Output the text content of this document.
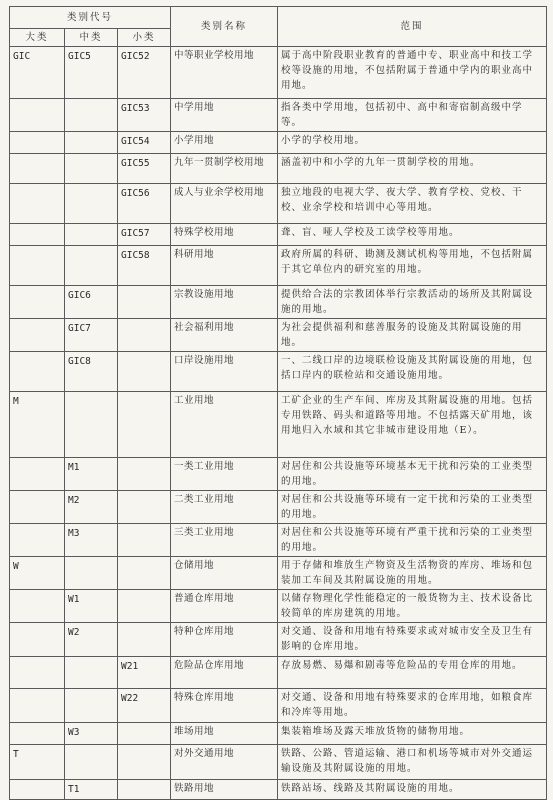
类别代号			类别名称	范围
大类	中类	小类		
GIC	GIC5	GIC52	中等职业学校用地	属于高中阶段职业教育的普通中专、职业高中和技工学校等设施的用地，不包括附属于普通中学内的职业高中用地。
		GIC53	中学用地	指各类中学用地，包括初中、高中和寄宿制高级中学等。
		GIC54	小学用地	小学的学校用地。
		GIC55	九年一贯制学校用地	涵盖初中和小学的九年一贯制学校的用地。
		GIC56	成人与业余学校用地	独立地段的电视大学、夜大学、教育学校、党校、干校、业余学校和培训中心等用地。
		GIC57	特殊学校用地	聋、盲、哑人学校及工读学校等用地。
		GIC58	科研用地	政府所属的科研、勘测及测试机构等用地，不包括附属于其它单位内的研究室的用地。
	GIC6		宗教设施用地	提供给合法的宗教团体举行宗教活动的场所及其附属设施的用地。
	GIC7		社会福利用地	为社会提供福利和慈善服务的设施及其附属设施的用地。
	GIC8		口岸设施用地	一、二线口岸的边境联检设施及其附属设施的用地，包括口岸内的联检站和交通设施用地。
M			工业用地	工矿企业的生产车间、库房及其附属设施的用地。包括专用铁路、码头和道路等用地。不包括露天矿用地，该用地归入水域和其它非城市建设用地（E）。
	M1		一类工业用地	对居住和公共设施等环境基本无干扰和污染的工业类型的用地。
	M2		二类工业用地	对居住和公共设施等环境有一定干扰和污染的工业类型的用地。
	M3		三类工业用地	对居住和公共设施等环境有严重干扰和污染的工业类型的用地。
W			仓储用地	用于存储和堆放生产物资及生活物资的库房、堆场和包装加工车间及其附属设施的用地。
	W1		普通仓库用地	以储存物理化学性能稳定的一般货物为主、技术设备比较简单的库房建筑的用地。
	W2		特种仓库用地	对交通、设备和用地有特殊要求或对城市安全及卫生有影响的仓库用地。
		W21	危险品仓库用地	存放易燃、易爆和剧毒等危险品的专用仓库的用地。
		W22	特殊仓库用地	对交通、设备和用地有特殊要求的仓库用地，如粮食库和冷库等用地。
	W3		堆场用地	集装箱堆场及露天堆放货物的储物用地。
T			对外交通用地	铁路、公路、管道运输、港口和机场等城市对外交通运输设施及其附属设施的用地。
	T1		铁路用地	铁路站场、线路及其附属设施的用地。
